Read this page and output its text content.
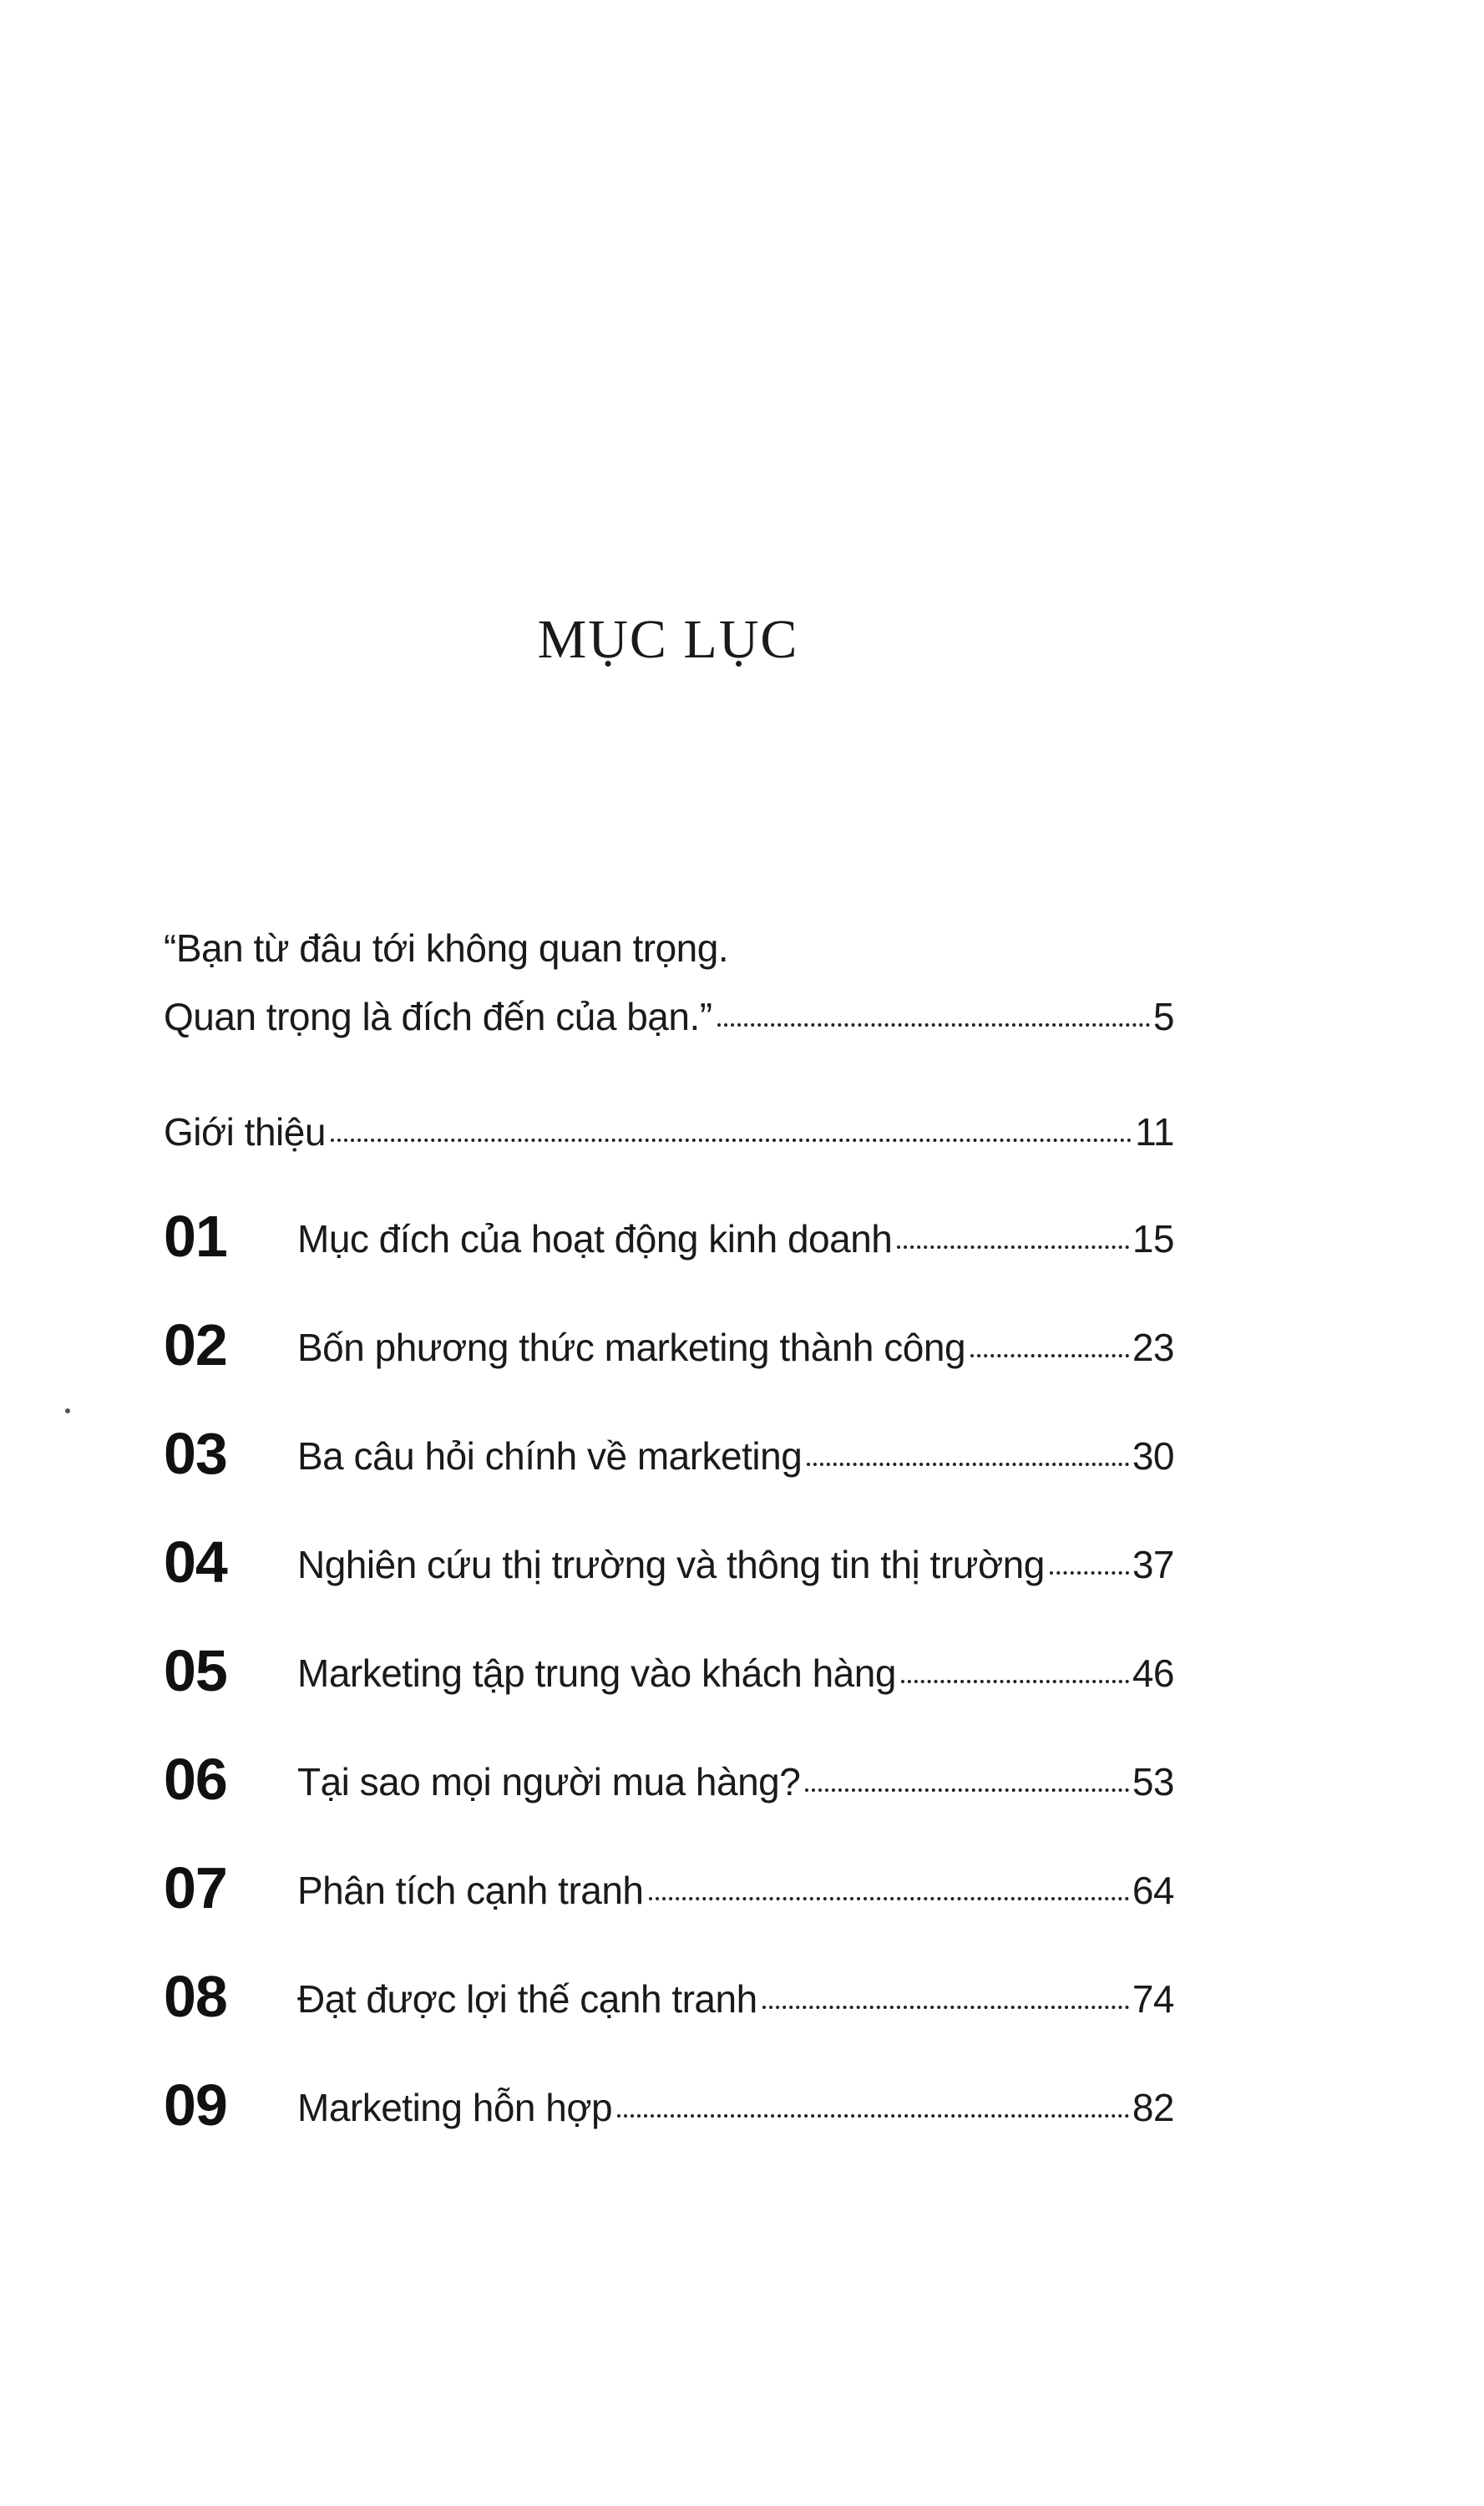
MỤC LỤC
“Bạn từ đâu tới không quan trọng.
Quan trọng là đích đến của bạn.”	5
Giới thiệu	11
01 Mục đích của hoạt động kinh doanh	15
02 Bốn phương thức marketing thành công	23
03 Ba câu hỏi chính về marketing	30
04 Nghiên cứu thị trường và thông tin thị trường 37
05 Marketing tập trung vào khách hàng	46
06 Tại sao mọi người mua hàng?	53
07 Phân tích cạnh tranh	64
08 Đạt được lợi thế cạnh tranh	74
09 Marketing hỗn hợp	82
